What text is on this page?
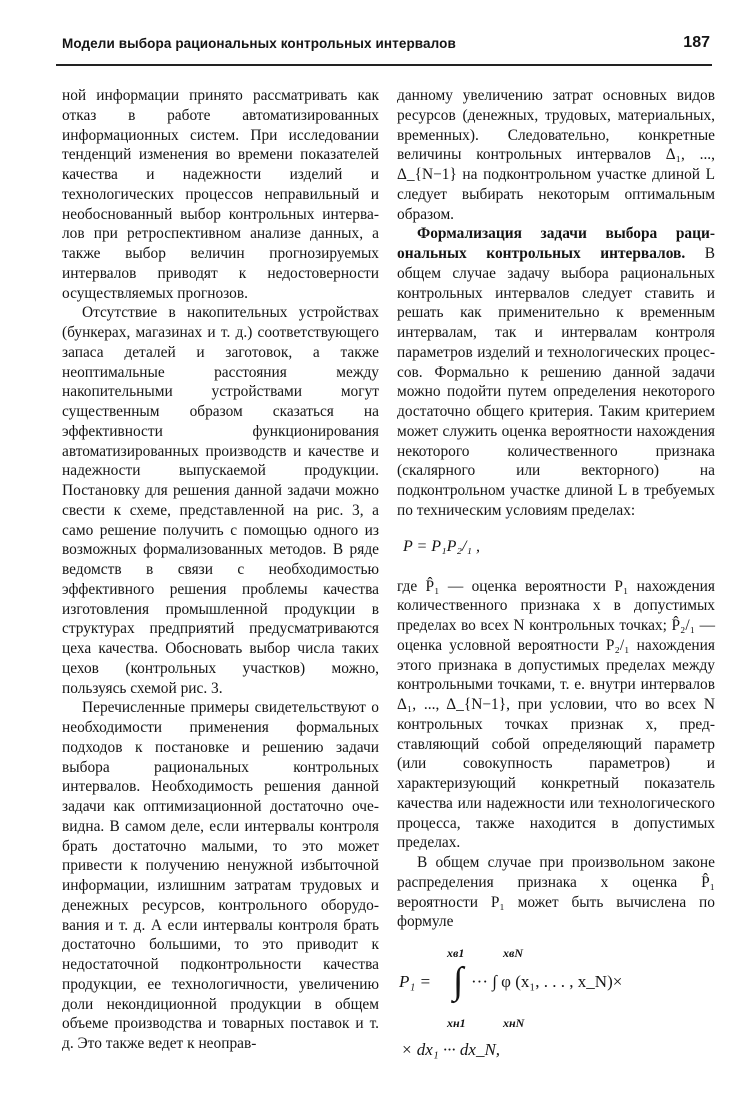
Модели выбора рациональных контрольных интервалов	187

ной информации принято рассматривать как отказ в работе автоматизированных информационных систем. При исследовании тенденций изменения во времени показателей качества и надежности изделий и технологических процессов неправильный и необоснованный выбор контрольных интервалов при ретроспективном анализе данных, а также выбор величин прогнозируемых интервалов приводят к недостоверности осуществляемых прогнозов.

Отсутствие в накопительных устройствах (бункерах, магазинах и т. д.) соответствующего запаса деталей и заготовок, а также неоптимальные расстояния между накопительными устройствами могут существенным образом сказаться на эффективности функционирования автоматизированных производств и качестве и надежности выпускаемой продукции. Постановку для решения данной задачи можно свести к схеме, представленной на рис. 3, а само решение получить с помощью одного из возможных формализованных методов. В ряде ведомств в связи с необходимостью эффективного решения проблемы качества изготовления промышленной продукции в структурах предприятий предусматриваются цеха качества. Обосновать выбор числа таких цехов (контрольных участков) можно, пользуясь схемой рис. 3.

Перечисленные примеры свидетельствуют о необходимости применения формальных подходов к постановке и решению задачи выбора рациональных контрольных интервалов. Необходимость решения данной задачи как оптимизационной достаточно очевидна. В самом деле, если интервалы контроля брать достаточно малыми, то это может привести к получению ненужной избыточной информации, излишним затратам трудовых и денежных ресурсов, контрольного оборудования и т. д. А если интервалы контроля брать достаточно большими, то это приводит к недостаточной подконтрольности качества продукции, ее технологичности, увеличению доли некондиционной продукции в общем объеме производства и товарных поставок и т. д. Это также ведет к неоправ-

данному увеличению затрат основных видов ресурсов (денежных, трудовых, материальных, временных). Следовательно, конкретные величины контрольных интервалов Δ₁, ..., Δ_{N−1} на подконтрольном участке длиной L следует выбирать некоторым оптимальным образом.

Формализация задачи выбора рациональных контрольных интервалов. В общем случае задачу выбора рациональных контрольных интервалов следует ставить и решать как применительно к временным интервалам, так и интервалам контроля параметров изделий и технологических процессов. Формально к решению данной задачи можно подойти путем определения некоторого достаточно общего критерия. Таким критерием может служить оценка вероятности нахождения некоторого количественного признака (скалярного или векторного) на подконтрольном участке длиной L в требуемых по техническим условиям пределах:

P = P₁P₂/₁ ,

где P̂₁ — оценка вероятности P₁ нахождения количественного признака x в допустимых пределах во всех N контрольных точках; P̂₂/₁ — оценка условной вероятности P₂/₁ нахождения этого признака в допустимых пределах между контрольными точками, т. е. внутри интервалов Δ₁, ..., Δ_{N−1}, при условии, что во всех N контрольных точках признак x, представляющий собой определяющий параметр (или совокупность параметров) и характеризующий конкретный показатель качества или надежности или технологического процесса, также находится в допустимых пределах.

В общем случае при произвольном законе распределения признака x оценка P̂₁ вероятности P₁ может быть вычислена по формуле

P₁ = ∫
xв1
xн1
xвN
xнN
··· ∫ φ (x₁, . . . , x_N)×
× dx₁ ··· dx_N,
